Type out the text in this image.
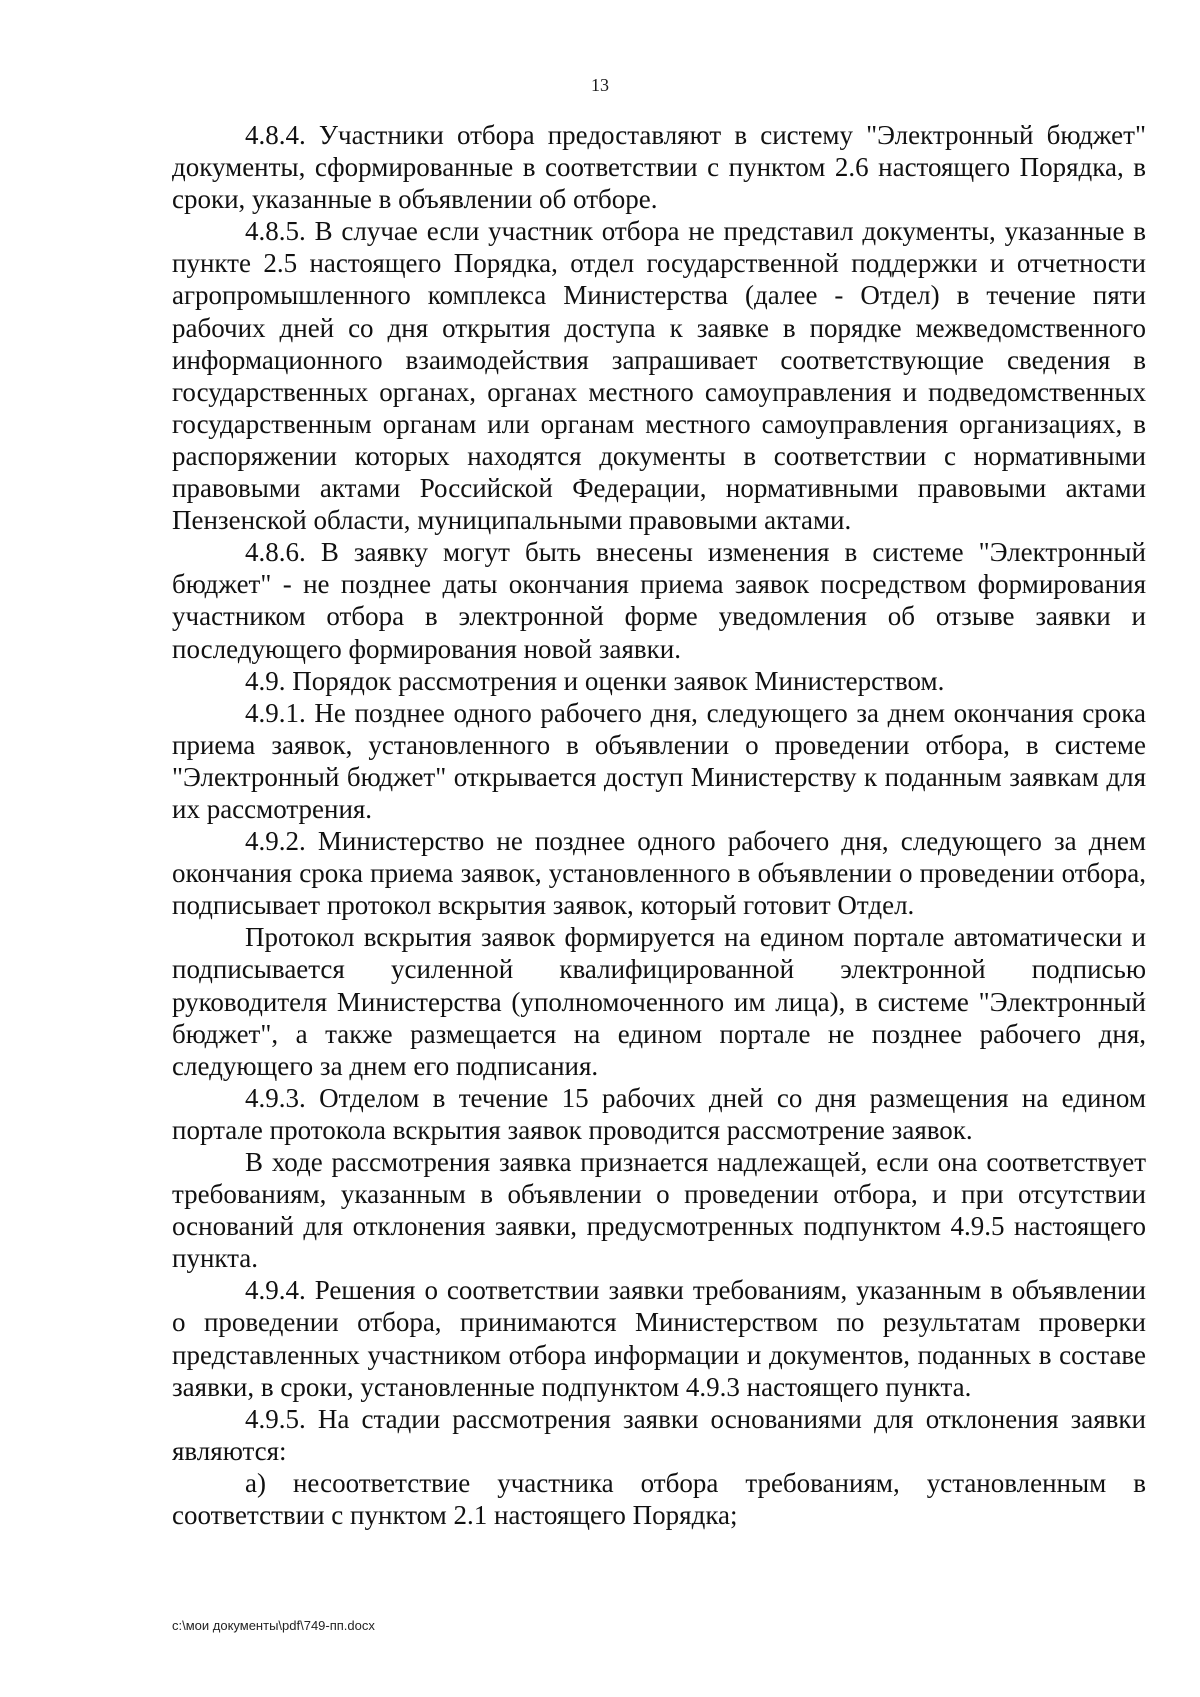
13

4.8.4. Участники отбора предоставляют в систему "Электронный бюджет" документы, сформированные в соответствии с пунктом 2.6 настоящего Порядка, в сроки, указанные в объявлении об отборе.

4.8.5. В случае если участник отбора не представил документы, указанные в пункте 2.5 настоящего Порядка, отдел государственной поддержки и отчетности агропромышленного комплекса Министерства (далее - Отдел) в течение пяти рабочих дней со дня открытия доступа к заявке в порядке межведомственного информационного взаимодействия запрашивает соответствующие сведения в государственных органах, органах местного самоуправления и подведомственных государственным органам или органам местного самоуправления организациях, в распоряжении которых находятся документы в соответствии с нормативными правовыми актами Российской Федерации, нормативными правовыми актами Пензенской области, муниципальными правовыми актами.

4.8.6. В заявку могут быть внесены изменения в системе "Электронный бюджет" - не позднее даты окончания приема заявок посредством формирования участником отбора в электронной форме уведомления об отзыве заявки и последующего формирования новой заявки.

4.9. Порядок рассмотрения и оценки заявок Министерством.

4.9.1. Не позднее одного рабочего дня, следующего за днем окончания срока приема заявок, установленного в объявлении о проведении отбора, в системе "Электронный бюджет" открывается доступ Министерству к поданным заявкам для их рассмотрения.

4.9.2. Министерство не позднее одного рабочего дня, следующего за днем окончания срока приема заявок, установленного в объявлении о проведении отбора, подписывает протокол вскрытия заявок, который готовит Отдел.

Протокол вскрытия заявок формируется на едином портале автоматически и подписывается усиленной квалифицированной электронной подписью руководителя Министерства (уполномоченного им лица), в системе "Электронный бюджет", а также размещается на едином портале не позднее рабочего дня, следующего за днем его подписания.

4.9.3. Отделом в течение 15 рабочих дней со дня размещения на едином портале протокола вскрытия заявок проводится рассмотрение заявок.

В ходе рассмотрения заявка признается надлежащей, если она соответствует требованиям, указанным в объявлении о проведении отбора, и при отсутствии оснований для отклонения заявки, предусмотренных подпунктом 4.9.5 настоящего пункта.

4.9.4. Решения о соответствии заявки требованиям, указанным в объявлении о проведении отбора, принимаются Министерством по результатам проверки представленных участником отбора информации и документов, поданных в составе заявки, в сроки, установленные подпунктом 4.9.3 настоящего пункта.

4.9.5. На стадии рассмотрения заявки основаниями для отклонения заявки являются:

а) несоответствие участника отбора требованиям, установленным в соответствии с пунктом 2.1 настоящего Порядка;

c:\мои документы\pdf\749-пп.docx
